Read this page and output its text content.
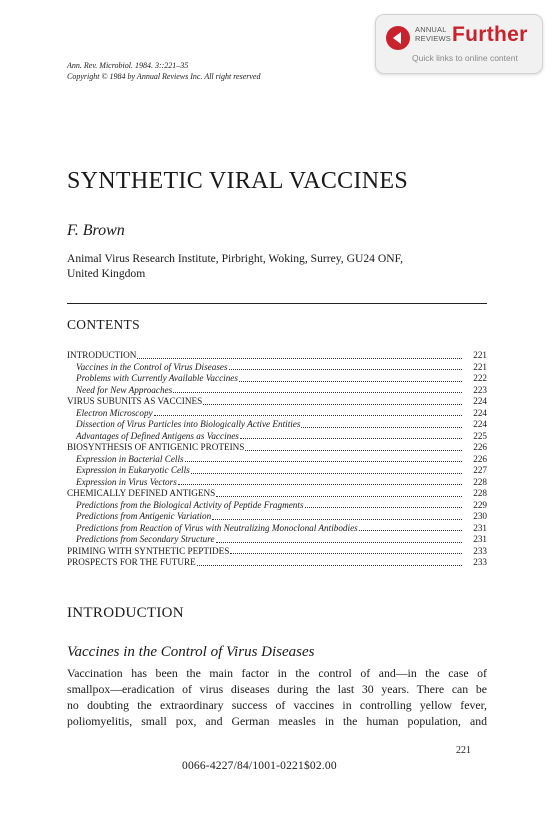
ANNUAL
REVIEWS Further
Quick links to online content
Ann. Rev. Microbiol. 1984. 3::221–35
Copyright © 1984 by Annual Reviews Inc. All right reserved
SYNTHETIC VIRAL VACCINES
F. Brown
Animal Virus Research Institute, Pirbright, Woking, Surrey, GU24 ONF,
United Kingdom
CONTENTS
INTRODUCTION	221
Vaccines in the Control of Virus Diseases	221
Problems with Currently Available Vaccines	222
Need for New Approaches	223
VIRUS SUBUNITS AS VACCINES	224
Electron Microscopy	224
Dissection of Virus Particles into Biologically Active Entities	224
Advantages of Defined Antigens as Vaccines	225
BIOSYNTHESIS OF ANTIGENIC PROTEINS	226
Expression in Bacterial Cells	226
Expression in Eukaryotic Cells	227
Expression in Virus Vectors	228
CHEMICALLY DEFINED ANTIGENS	228
Predictions from the Biological Activity of Peptide Fragments	229
Predictions from Antigenic Variation	230
Predictions from Reaction of Virus with Neutralizing Monoclonal Antibodies	231
Predictions from Secondary Structure	231
PRIMING WITH SYNTHETIC PEPTIDES	233
PROSPECTS FOR THE FUTURE	233
INTRODUCTION
Vaccines in the Control of Virus Diseases
Vaccination has been the main factor in the control of and—in the case of
smallpox—eradication of virus diseases during the last 30 years. There can be
no doubting the extraordinary success of vaccines in controlling yellow fever,
poliomyelitis, small pox, and German measles in the human population, and
221
0066-4227/84/1001-0221$02.00
